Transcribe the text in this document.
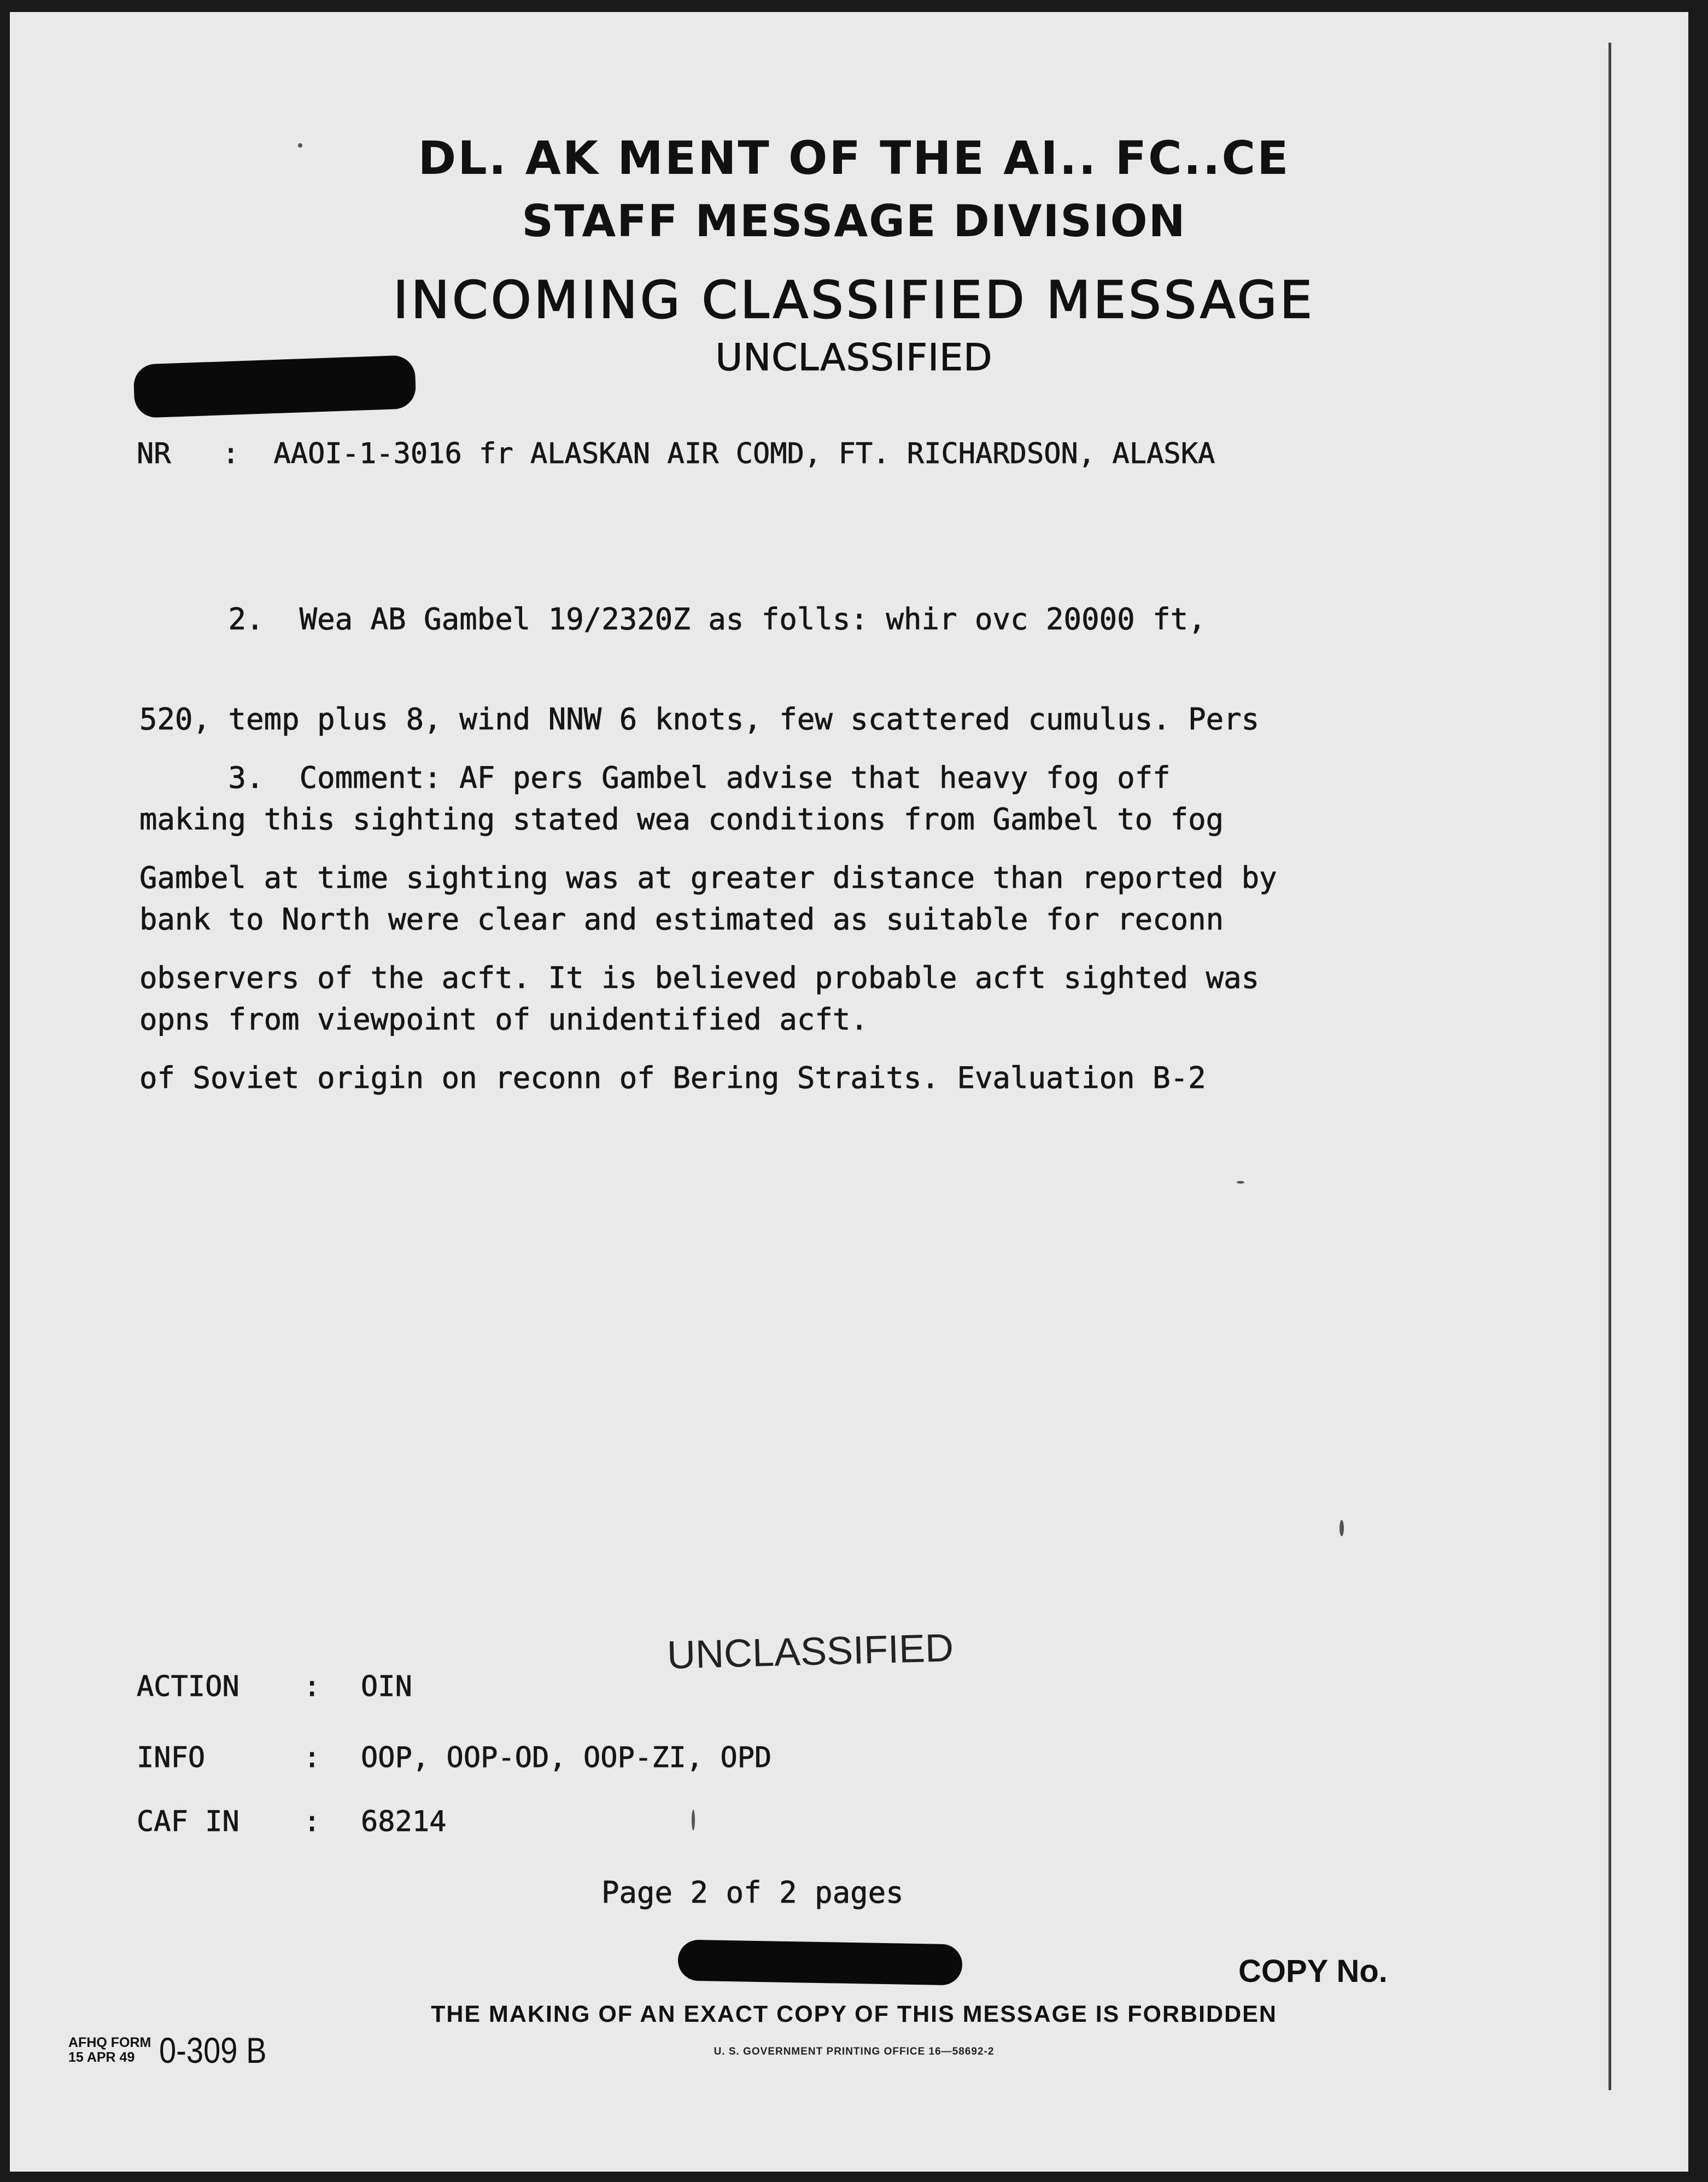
DL. AK MENT OF THE AI.. FC..CE
STAFF MESSAGE DIVISION
INCOMING CLASSIFIED MESSAGE
UNCLASSIFIED
NR   :  AAOI-1-3016 fr ALASKAN AIR COMD, FT. RICHARDSON, ALASKA

2.  Wea AB Gambel 19/2320Z as folls: whir ovc 20000 ft,

520, temp plus 8, wind NNW 6 knots, few scattered cumulus. Pers

making this sighting stated wea conditions from Gambel to fog

bank to North were clear and estimated as suitable for reconn

opns from viewpoint of unidentified acft.

3.  Comment: AF pers Gambel advise that heavy fog off

Gambel at time sighting was at greater distance than reported by

observers of the acft. It is believed probable acft sighted was

of Soviet origin on reconn of Bering Straits. Evaluation B-2

UNCLASSIFIED
ACTION : OIN
INFO	: OOP, OOP-OD, OOP-ZI, OPD
CAF IN : 68214
Page 2 of 2 pages
COPY No.
THE MAKING OF AN EXACT COPY OF THIS MESSAGE IS FORBIDDEN
AFHQ FORM
15 APR 49 0-309 B	U. S. GOVERNMENT PRINTING OFFICE 16—58692-2
